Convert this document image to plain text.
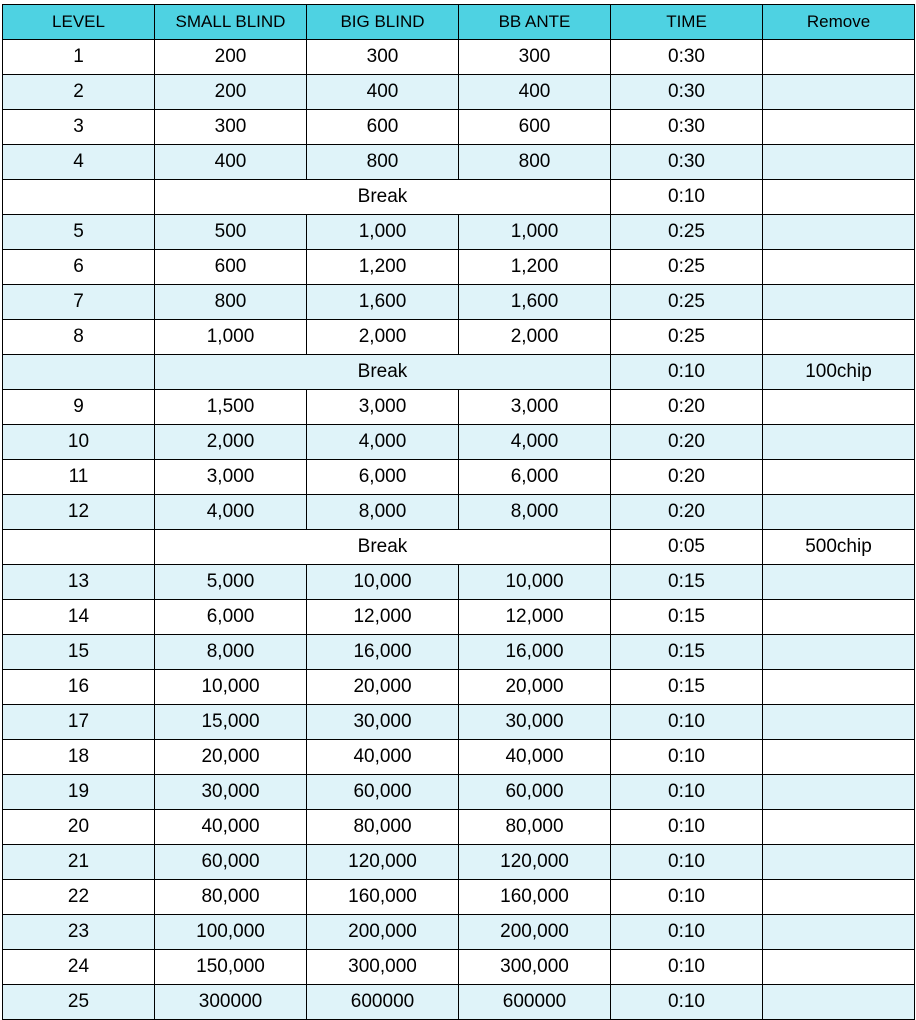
LEVEL	SMALL BLIND	BIG BLIND	BB ANTE	TIME	Remove
1	200	300	300	0:30	
2	200	400	400	0:30	
3	300	600	600	0:30	
4	400	800	800	0:30	
	Break			0:10	
5	500	1,000	1,000	0:25	
6	600	1,200	1,200	0:25	
7	800	1,600	1,600	0:25	
8	1,000	2,000	2,000	0:25	
	Break			0:10	100chip
9	1,500	3,000	3,000	0:20	
10	2,000	4,000	4,000	0:20	
11	3,000	6,000	6,000	0:20	
12	4,000	8,000	8,000	0:20	
	Break			0:05	500chip
13	5,000	10,000	10,000	0:15	
14	6,000	12,000	12,000	0:15	
15	8,000	16,000	16,000	0:15	
16	10,000	20,000	20,000	0:15	
17	15,000	30,000	30,000	0:10	
18	20,000	40,000	40,000	0:10	
19	30,000	60,000	60,000	0:10	
20	40,000	80,000	80,000	0:10	
21	60,000	120,000	120,000	0:10	
22	80,000	160,000	160,000	0:10	
23	100,000	200,000	200,000	0:10	
24	150,000	300,000	300,000	0:10	
25	300000	600000	600000	0:10	
